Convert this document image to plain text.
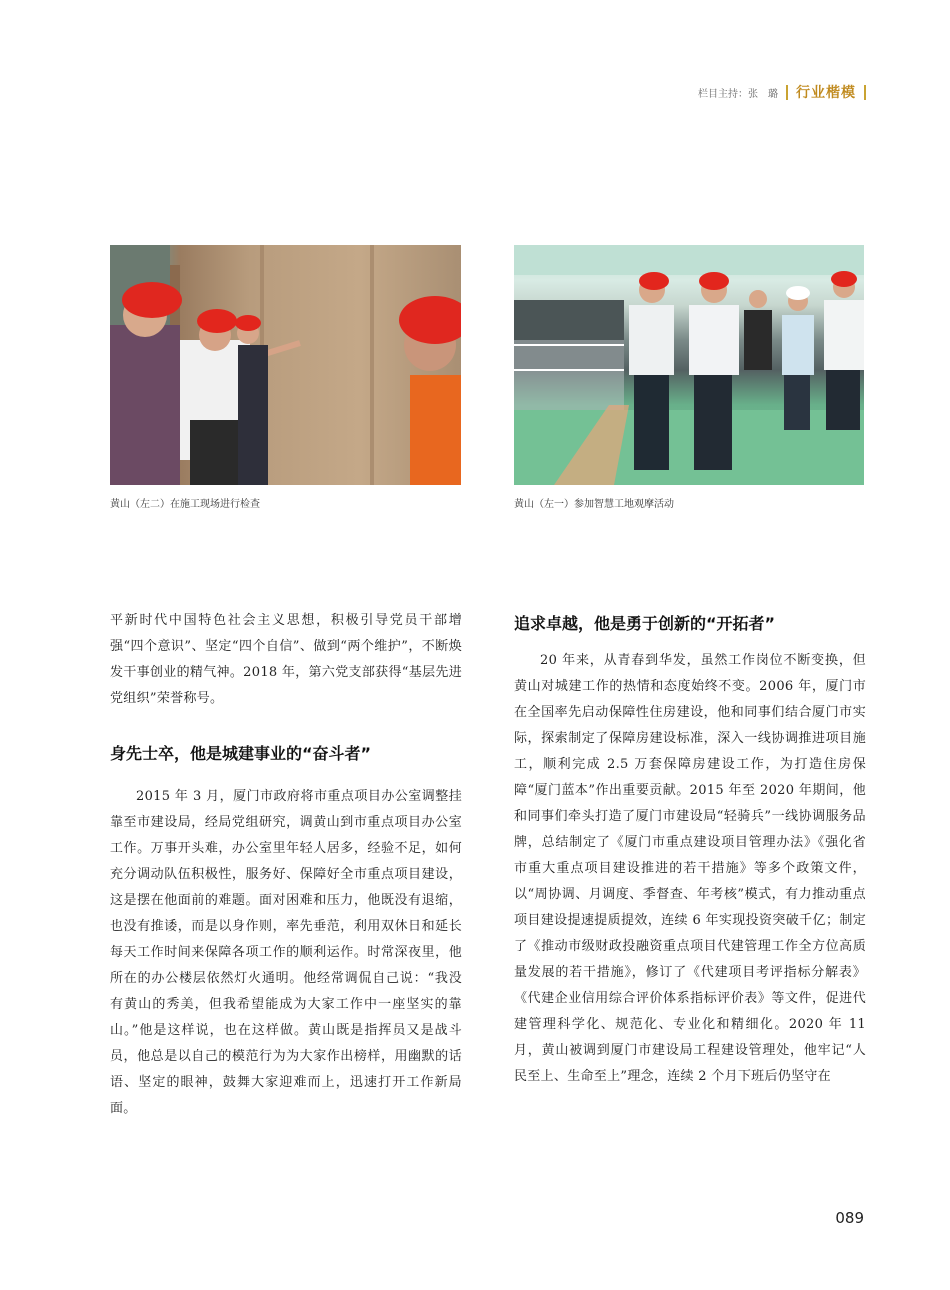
栏目主持：张　璐 行业楷模
黄山（左二）在施工现场进行检查	黄山（左一）参加智慧工地观摩活动

平新时代中国特色社会主义思想，积极引导党员干部增强“四个意识”、坚定“四个自信”、做到“两个维护”，不断焕发干事创业的精气神。2018 年，第六党支部获得“基层先进党组织”荣誉称号。

身先士卒，他是城建事业的“奋斗者”

2015 年 3 月，厦门市政府将市重点项目办公室调整挂靠至市建设局，经局党组研究，调黄山到市重点项目办公室工作。万事开头难，办公室里年轻人居多，经验不足，如何充分调动队伍积极性，服务好、保障好全市重点项目建设，这是摆在他面前的难题。面对困难和压力，他既没有退缩，也没有推诿，而是以身作则，率先垂范，利用双休日和延长每天工作时间来保障各项工作的顺利运作。时常深夜里，他所在的办公楼层依然灯火通明。他经常调侃自己说：“我没有黄山的秀美，但我希望能成为大家工作中一座坚实的靠山。”他是这样说，也在这样做。黄山既是指挥员又是战斗员，他总是以自己的模范行为为大家作出榜样，用幽默的话语、坚定的眼神，鼓舞大家迎难而上，迅速打开工作新局面。

追求卓越，他是勇于创新的“开拓者”

20 年来，从青春到华发，虽然工作岗位不断变换，但黄山对城建工作的热情和态度始终不变。2006 年，厦门市在全国率先启动保障性住房建设，他和同事们结合厦门市实际，探索制定了保障房建设标准，深入一线协调推进项目施工，顺利完成 2.5 万套保障房建设工作，为打造住房保障“厦门蓝本”作出重要贡献。2015 年至 2020 年期间，他和同事们牵头打造了厦门市建设局“轻骑兵”一线协调服务品牌，总结制定了《厦门市重点建设项目管理办法》《强化省市重大重点项目建设推进的若干措施》等多个政策文件，以“周协调、月调度、季督查、年考核”模式，有力推动重点项目建设提速提质提效，连续 6 年实现投资突破千亿；制定了《推动市级财政投融资重点项目代建管理工作全方位高质量发展的若干措施》，修订了《代建项目考评指标分解表》《代建企业信用综合评价体系指标评价表》等文件，促进代建管理科学化、规范化、专业化和精细化。2020 年 11 月，黄山被调到厦门市建设局工程建设管理处，他牢记“人民至上、生命至上”理念，连续 2 个月下班后仍坚守在

089
